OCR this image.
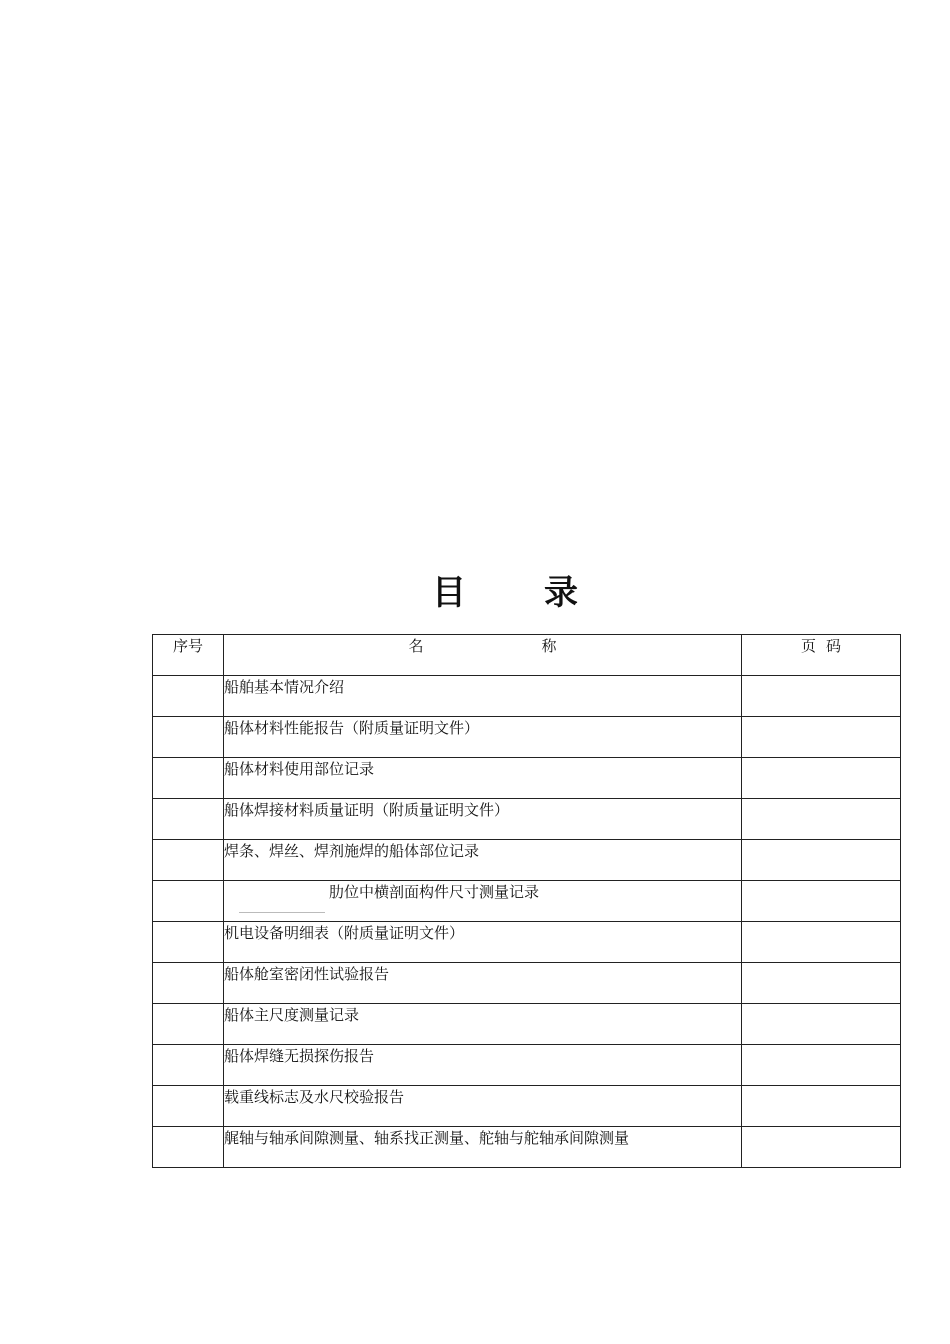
目 录
序号	名 称	页 码
	船舶基本情况介绍	
	船体材料性能报告（附质量证明文件）	
	船体材料使用部位记录	
	船体焊接材料质量证明（附质量证明文件）	
	焊条、焊丝、焊剂施焊的船体部位记录	
	肋位中横剖面构件尺寸测量记录

	机电设备明细表（附质量证明文件）	
	船体舱室密闭性试验报告	
	船体主尺度测量记录	
	船体焊缝无损探伤报告	
	载重线标志及水尺校验报告	
	艉轴与轴承间隙测量、轴系找正测量、舵轴与舵轴承间隙测量	
